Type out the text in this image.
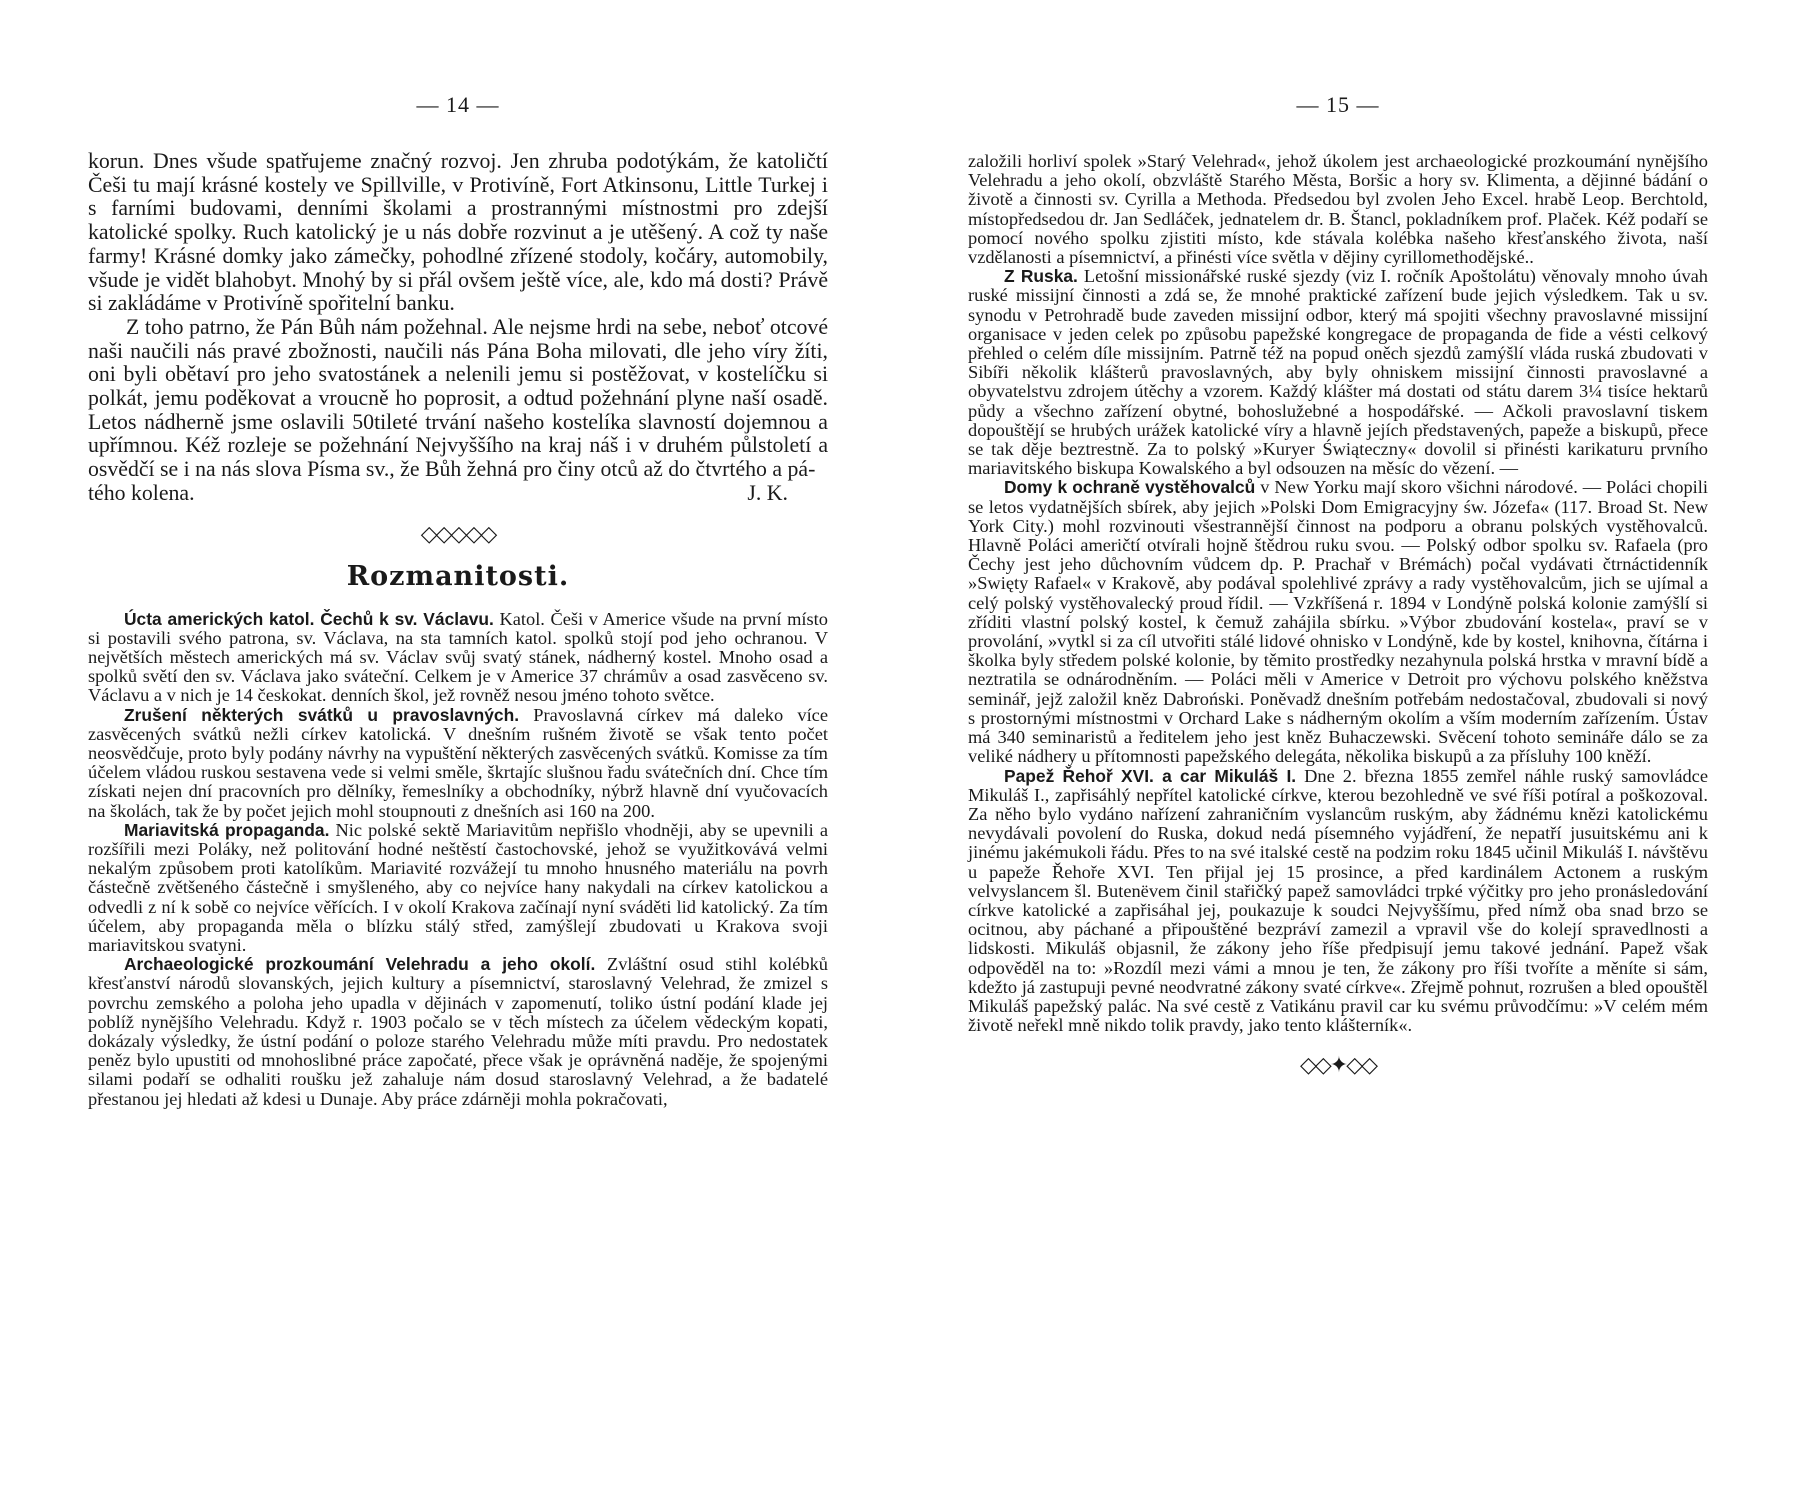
— 14 —

korun. Dnes všude spatřujeme značný rozvoj. Jen zhruba podotýkám, že katoličtí Češi tu mají krásné kostely ve Spillville, v Protivíně, Fort Atkinsonu, Little Turkej i s farními budovami, denními školami a prostrannými místnostmi pro zdejší katolické spolky. Ruch katolický je u nás dobře rozvinut a je utěšený. A což ty naše farmy! Krásné domky jako zámečky, pohodlné zřízené stodoly, kočáry, automobily, všude je vidět blahobyt. Mnohý by si přál ovšem ještě více, ale, kdo má dosti? Právě si zakládáme v Protivíně spořitelní banku.

Z toho patrno, že Pán Bůh nám požehnal. Ale nejsme hrdi na sebe, neboť otcové naši naučili nás pravé zbožnosti, naučili nás Pána Boha milovati, dle jeho víry žíti, oni byli obětaví pro jeho svatostánek a nelenili jemu si postěžovat, v kostelíčku si polkát, jemu poděkovat a vroucně ho poprosit, a odtud požehnání plyne naší osadě. Letos nádherně jsme oslavili 50tileté trvání našeho kostelíka slavností dojemnou a upřímnou. Kéž rozleje se požehnání Nejvyššího na kraj náš i v druhém půlstoletí a osvědčí se i na nás slova Písma sv., že Bůh žehná pro činy otců až do čtvrtého a pá-

tého kolena.	J. K.

◇◇◇◇◇
Rozmanitosti.

Úcta amerických katol. Čechů k sv. Václavu. Katol. Češi v Americe všude na první místo si postavili svého patrona, sv. Václava, na sta tamních katol. spolků stojí pod jeho ochranou. V největších městech amerických má sv. Václav svůj svatý stánek, nádherný kostel. Mnoho osad a spolků světí den sv. Václava jako sváteční. Celkem je v Americe 37 chrámův a osad zasvěceno sv. Václavu a v nich je 14 českokat. denních škol, jež rovněž nesou jméno tohoto světce.

Zrušení některých svátků u pravoslavných. Pravoslavná církev má daleko více zasvěcených svátků nežli církev katolická. V dnešním rušném životě se však tento počet neosvědčuje, proto byly podány návrhy na vypuštění některých zasvěcených svátků. Komisse za tím účelem vládou ruskou sestavena vede si velmi směle, škrtajíc slušnou řadu svátečních dní. Chce tím získati nejen dní pracovních pro dělníky, řemeslníky a obchodníky, nýbrž hlavně dní vyučovacích na školách, tak že by počet jejich mohl stoupnouti z dnešních asi 160 na 200.

Mariavitská propaganda. Nic polské sektě Mariavitům nepřišlo vhodněji, aby se upevnili a rozšířili mezi Poláky, než politování hodné neštěstí častochovské, jehož se využitkovává velmi nekalým způsobem proti katolíkům. Mariavité rozvážejí tu mnoho hnusného materiálu na povrh částečně zvětšeného částečně i smyšleného, aby co nejvíce hany nakydali na církev katolickou a odvedli z ní k sobě co nejvíce věřících. I v okolí Krakova začínají nyní sváděti lid katolický. Za tím účelem, aby propaganda měla o blízku stálý střed, zamýšlejí zbudovati u Krakova svoji mariavitskou svatyni.

Archaeologické prozkoumání Velehradu a jeho okolí. Zvláštní osud stihl kolébků křesťanství národů slovanských, jejich kultury a písemnictví, staroslavný Velehrad, že zmizel s povrchu zemského a poloha jeho upadla v dějinách v zapomenutí, toliko ústní podání klade jej poblíž nynějšího Velehradu. Když r. 1903 počalo se v těch místech za účelem vědeckým kopati, dokázaly výsledky, že ústní podání o poloze starého Velehradu může míti pravdu. Pro nedostatek peněz bylo upustiti od mnohoslibné práce započaté, přece však je oprávněná naděje, že spojenými silami podaří se odhaliti roušku jež zahaluje nám dosud staroslavný Velehrad, a že badatelé přestanou jej hledati až kdesi u Dunaje. Aby práce zdárněji mohla pokračovati,

— 15 —

založili horliví spolek »Starý Velehrad«, jehož úkolem jest archaeologické prozkoumání nynějšího Velehradu a jeho okolí, obzvláště Starého Města, Boršic a hory sv. Klimenta, a dějinné bádání o životě a činnosti sv. Cyrilla a Methoda. Předsedou byl zvolen Jeho Excel. hrabě Leop. Berchtold, místopředsedou dr. Jan Sedláček, jednatelem dr. B. Štancl, pokladníkem prof. Plaček. Kéž podaří se pomocí nového spolku zjistiti místo, kde stávala kolébka našeho křesťanského života, naší vzdělanosti a písemnictví, a přinésti více světla v dějiny cyrillomethodějské..

Z Ruska. Letošní missionářské ruské sjezdy (viz I. ročník Apoštolátu) věnovaly mnoho úvah ruské missijní činnosti a zdá se, že mnohé praktické zařízení bude jejich výsledkem. Tak u sv. synodu v Petrohradě bude zaveden missijní odbor, který má spojiti všechny pravoslavné missijní organisace v jeden celek po způsobu papežské kongregace de propaganda de fide a vésti celkový přehled o celém díle missijním. Patrně též na popud oněch sjezdů zamýšlí vláda ruská zbudovati v Sibíři několik klášterů pravoslavných, aby byly ohniskem missijní činnosti pravoslavné a obyvatelstvu zdrojem útěchy a vzorem. Každý klášter má dostati od státu darem 3¼ tisíce hektarů půdy a všechno zařízení obytné, bohoslužebné a hospodářské. — Ačkoli pravoslavní tiskem dopouštějí se hrubých urážek katolické víry a hlavně jejích představených, papeže a biskupů, přece se tak děje beztrestně. Za to polský »Kuryer Świąteczny« dovolil si přinésti karikaturu prvního mariavitského biskupa Kowalského a byl odsouzen na měsíc do vězení. —

Domy k ochraně vystěhovalců v New Yorku mají skoro všichni národové. — Poláci chopili se letos vydatnějších sbírek, aby jejich »Polski Dom Emigracyjny św. Józefa« (117. Broad St. New York City.) mohl rozvinouti všestrannější činnost na podporu a obranu polských vystěhovalců. Hlavně Poláci američtí otvírali hojně štědrou ruku svou. — Polský odbor spolku sv. Rafaela (pro Čechy jest jeho důchovním vůdcem dp. P. Prachař v Brémách) počal vydávati čtrnáctidenník »Swięty Rafael« v Krakově, aby podával spolehlivé zprávy a rady vystěhovalcům, jich se ujímal a celý polský vystěhovalecký proud řídil. — Vzkříšená r. 1894 v Londýně polská kolonie zamýšlí si zříditi vlastní polský kostel, k čemuž zahájila sbírku. »Výbor zbudování kostela«, praví se v provolání, »vytkl si za cíl utvořiti stálé lidové ohnisko v Londýně, kde by kostel, knihovna, čítárna i školka byly středem polské kolonie, by těmito prostředky nezahynula polská hrstka v mravní bídě a neztratila se odnárodněním. — Poláci měli v Americe v Detroit pro výchovu polského kněžstva seminář, jejž založil kněz Dabroński. Poněvadž dnešním potřebám nedostačoval, zbudovali si nový s prostornými místnostmi v Orchard Lake s nádherným okolím a vším moderním zařízením. Ústav má 340 seminaristů a ředitelem jeho jest kněz Buhaczewski. Svěcení tohoto semináře dálo se za veliké nádhery u přítomnosti papežského delegáta, několika biskupů a za přísluhy 100 kněží.

Papež Řehoř XVI. a car Mikuláš I. Dne 2. března 1855 zemřel náhle ruský samovládce Mikuláš I., zapřisáhlý nepřítel katolické církve, kterou bezohledně ve své říši potíral a poškozoval. Za něho bylo vydáno nařízení zahraničním vyslancům ruským, aby žádnému knězi katolickému nevydávali povolení do Ruska, dokud nedá písemného vyjádření, že nepatří jusuitskému ani k jinému jakémukoli řádu. Přes to na své italské cestě na podzim roku 1845 učinil Mikuláš I. návštěvu u papeže Řehoře XVI. Ten přijal jej 15 prosince, a před kardinálem Actonem a ruským velvyslancem šl. Butenëvem činil stařičký papež samovládci trpké výčitky pro jeho pronásledování církve katolické a zapřisáhal jej, poukazuje k soudci Nejvyššímu, před nímž oba snad brzo se ocitnou, aby páchané a připouštěné bezpráví zamezil a vpravil vše do kolejí spravedlnosti a lidskosti. Mikuláš objasnil, že zákony jeho říše předpisují jemu takové jednání. Papež však odpověděl na to: »Rozdíl mezi vámi a mnou je ten, že zákony pro říši tvoříte a měníte si sám, kdežto já zastupuji pevné neodvratné zákony svaté církve«. Zřejmě pohnut, rozrušen a bled opouštěl Mikuláš papežský palác. Na své cestě z Vatikánu pravil car ku svému průvodčímu: »V celém mém životě neřekl mně nikdo tolik pravdy, jako tento klášterník«.

◇◇✦◇◇
